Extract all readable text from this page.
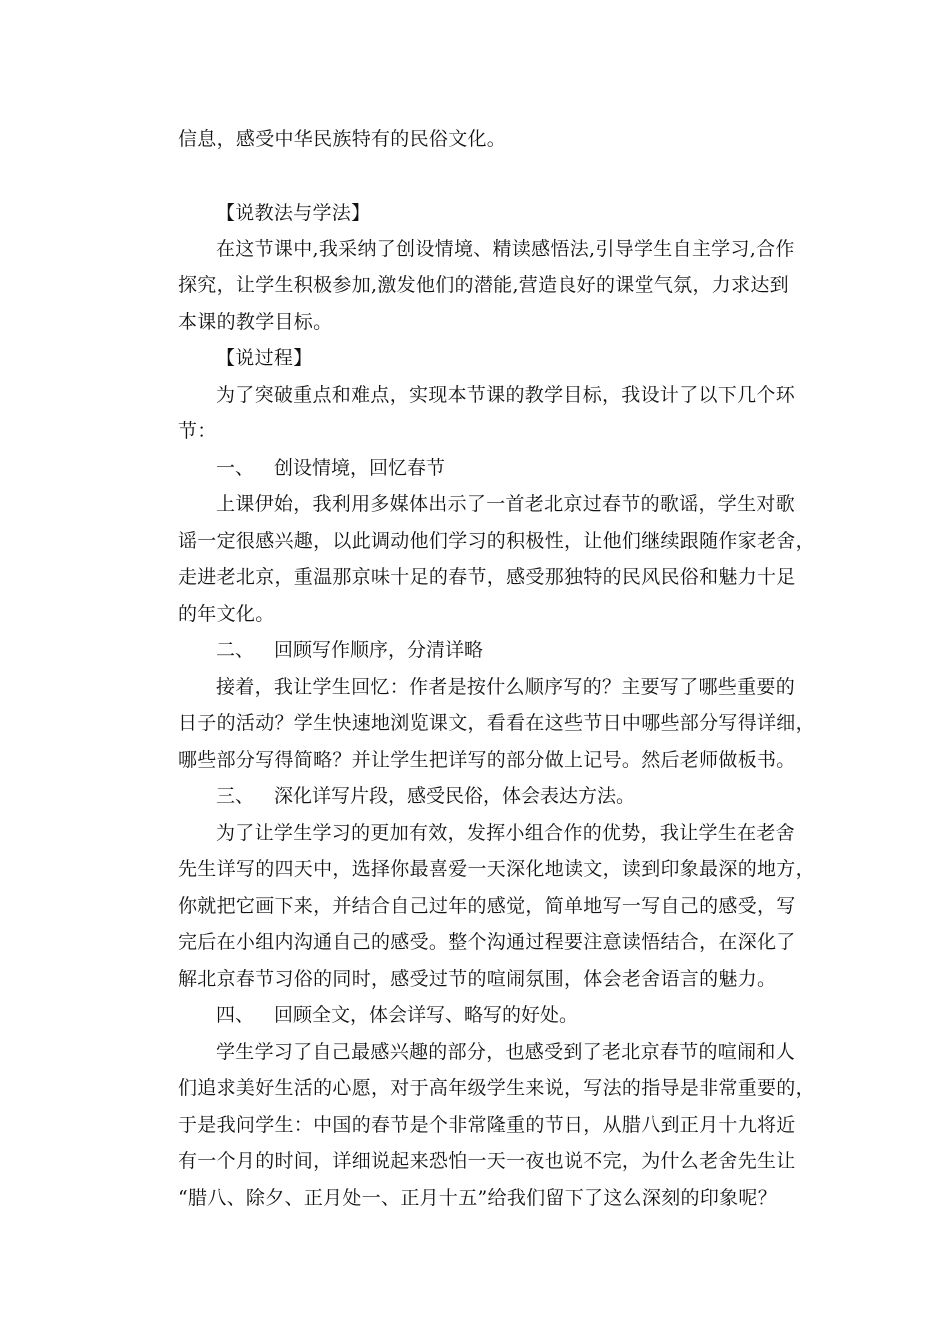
信息，感受中华民族特有的民俗文化。
【说教法与学法】
在这节课中,我采纳了创设情境、精读感悟法,引导学生自主学习,合作
探究，让学生积极参加,激发他们的潜能,营造良好的课堂气氛，力求达到
本课的教学目标。
【说过程】
为了突破重点和难点，实现本节课的教学目标，我设计了以下几个环
节：
一、 创设情境，回忆春节
上课伊始，我利用多媒体出示了一首老北京过春节的歌谣，学生对歌
谣一定很感兴趣，以此调动他们学习的积极性，让他们继续跟随作家老舍，
走进老北京，重温那京味十足的春节，感受那独特的民风民俗和魅力十足
的年文化。
二、 回顾写作顺序，分清详略
接着，我让学生回忆：作者是按什么顺序写的？主要写了哪些重要的
日子的活动？学生快速地浏览课文，看看在这些节日中哪些部分写得详细，
哪些部分写得简略？并让学生把详写的部分做上记号。然后老师做板书。
三、 深化详写片段，感受民俗，体会表达方法。
为了让学生学习的更加有效，发挥小组合作的优势，我让学生在老舍
先生详写的四天中，选择你最喜爱一天深化地读文，读到印象最深的地方，
你就把它画下来，并结合自己过年的感觉，简单地写一写自己的感受，写
完后在小组内沟通自己的感受。整个沟通过程要注意读悟结合，在深化了
解北京春节习俗的同时，感受过节的喧闹氛围，体会老舍语言的魅力。
四、 回顾全文，体会详写、略写的好处。
学生学习了自己最感兴趣的部分，也感受到了老北京春节的喧闹和人
们追求美好生活的心愿，对于高年级学生来说，写法的指导是非常重要的，
于是我问学生：中国的春节是个非常隆重的节日，从腊八到正月十九将近
有一个月的时间，详细说起来恐怕一天一夜也说不完，为什么老舍先生让
“腊八、除夕、正月处一、正月十五”给我们留下了这么深刻的印象呢？
